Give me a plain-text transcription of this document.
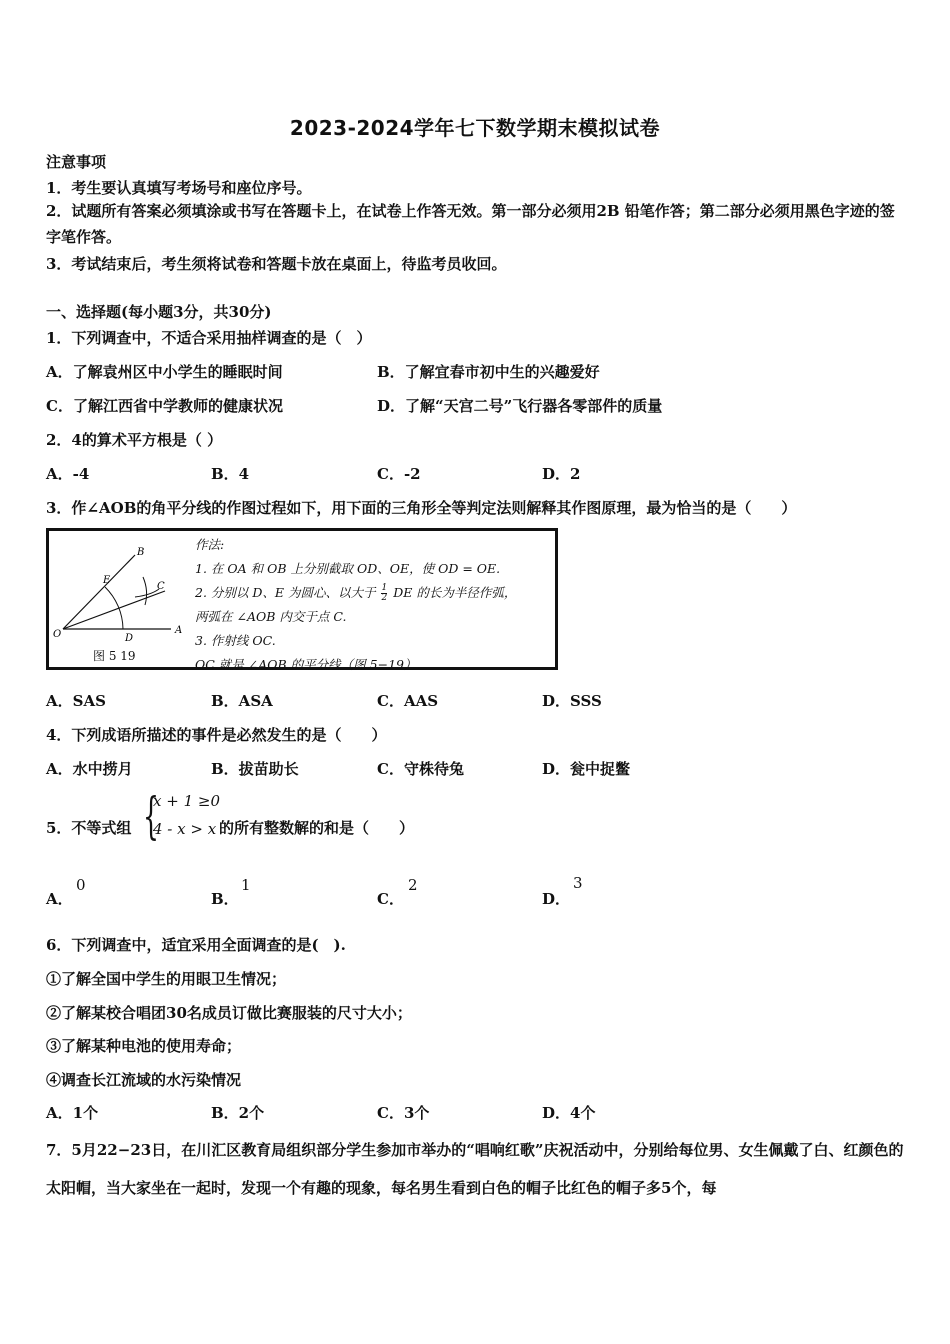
2023-2024学年七下数学期末模拟试卷
注意事项
1．考生要认真填写考场号和座位序号。
2．试题所有答案必须填涂或书写在答题卡上，在试卷上作答无效。第一部分必须用2B 铅笔作答；第二部分必须用黑色字迹的签字笔作答。
3．考试结束后，考生须将试卷和答题卡放在桌面上，待监考员收回。
一、选择题(每小题3分，共30分)
1．下列调查中，不适合采用抽样调查的是（　）
A．了解袁州区中小学生的睡眠时间	B．了解宜春市初中生的兴趣爱好
C．了解江西省中学教师的健康状况	D．了解“天宫二号”飞行器各零部件的质量
2．4的算术平方根是（ ）
A．-4	B．4	C．-2	D．2
3．作∠AOB的角平分线的作图过程如下，用下面的三角形全等判定法则解释其作图原理，最为恰当的是（　　）
O	A
B
C
D
E
作法:
1. 在 OA 和 OB 上分别截取 OD、OE，使 OD = OE.
2. 分别以 D、E 为圆心、以大于 $\frac{1}{2}$ DE 的长为半径作弧，
两弧在 ∠AOB 内交于点 C.
3. 作射线 OC.
OC 就是 ∠AOB 的平分线（图 5−19）.
图 5 19
A．SAS	B．ASA	C．AAS	D．SSS
4．下列成语所描述的事件是必然发生的是（　　）
A．水中捞月	B．拔苗助长	C．守株待兔	D．瓮中捉鳖
5．不等式组 {
x + 1 ≥0
4 - x > x 的所有整数解的和是（　　）
A．
0
B．
1
C．
2
D．
3
6．下列调查中，适宜采用全面调查的是(　).
①了解全国中学生的用眼卫生情况；
②了解某校合唱团30名成员订做比赛服装的尺寸大小；
③了解某种电池的使用寿命；
④调查长江流域的水污染情况
A．1个	B．2个	C．3个	D．4个
7．5月22−23日，在川汇区教育局组织部分学生参加市举办的“唱响红歌”庆祝活动中，分别给每位男、女生佩戴了白、红颜色的太阳帽，当大家坐在一起时，发现一个有趣的现象，每名男生看到白色的帽子比红色的帽子多5个，每
